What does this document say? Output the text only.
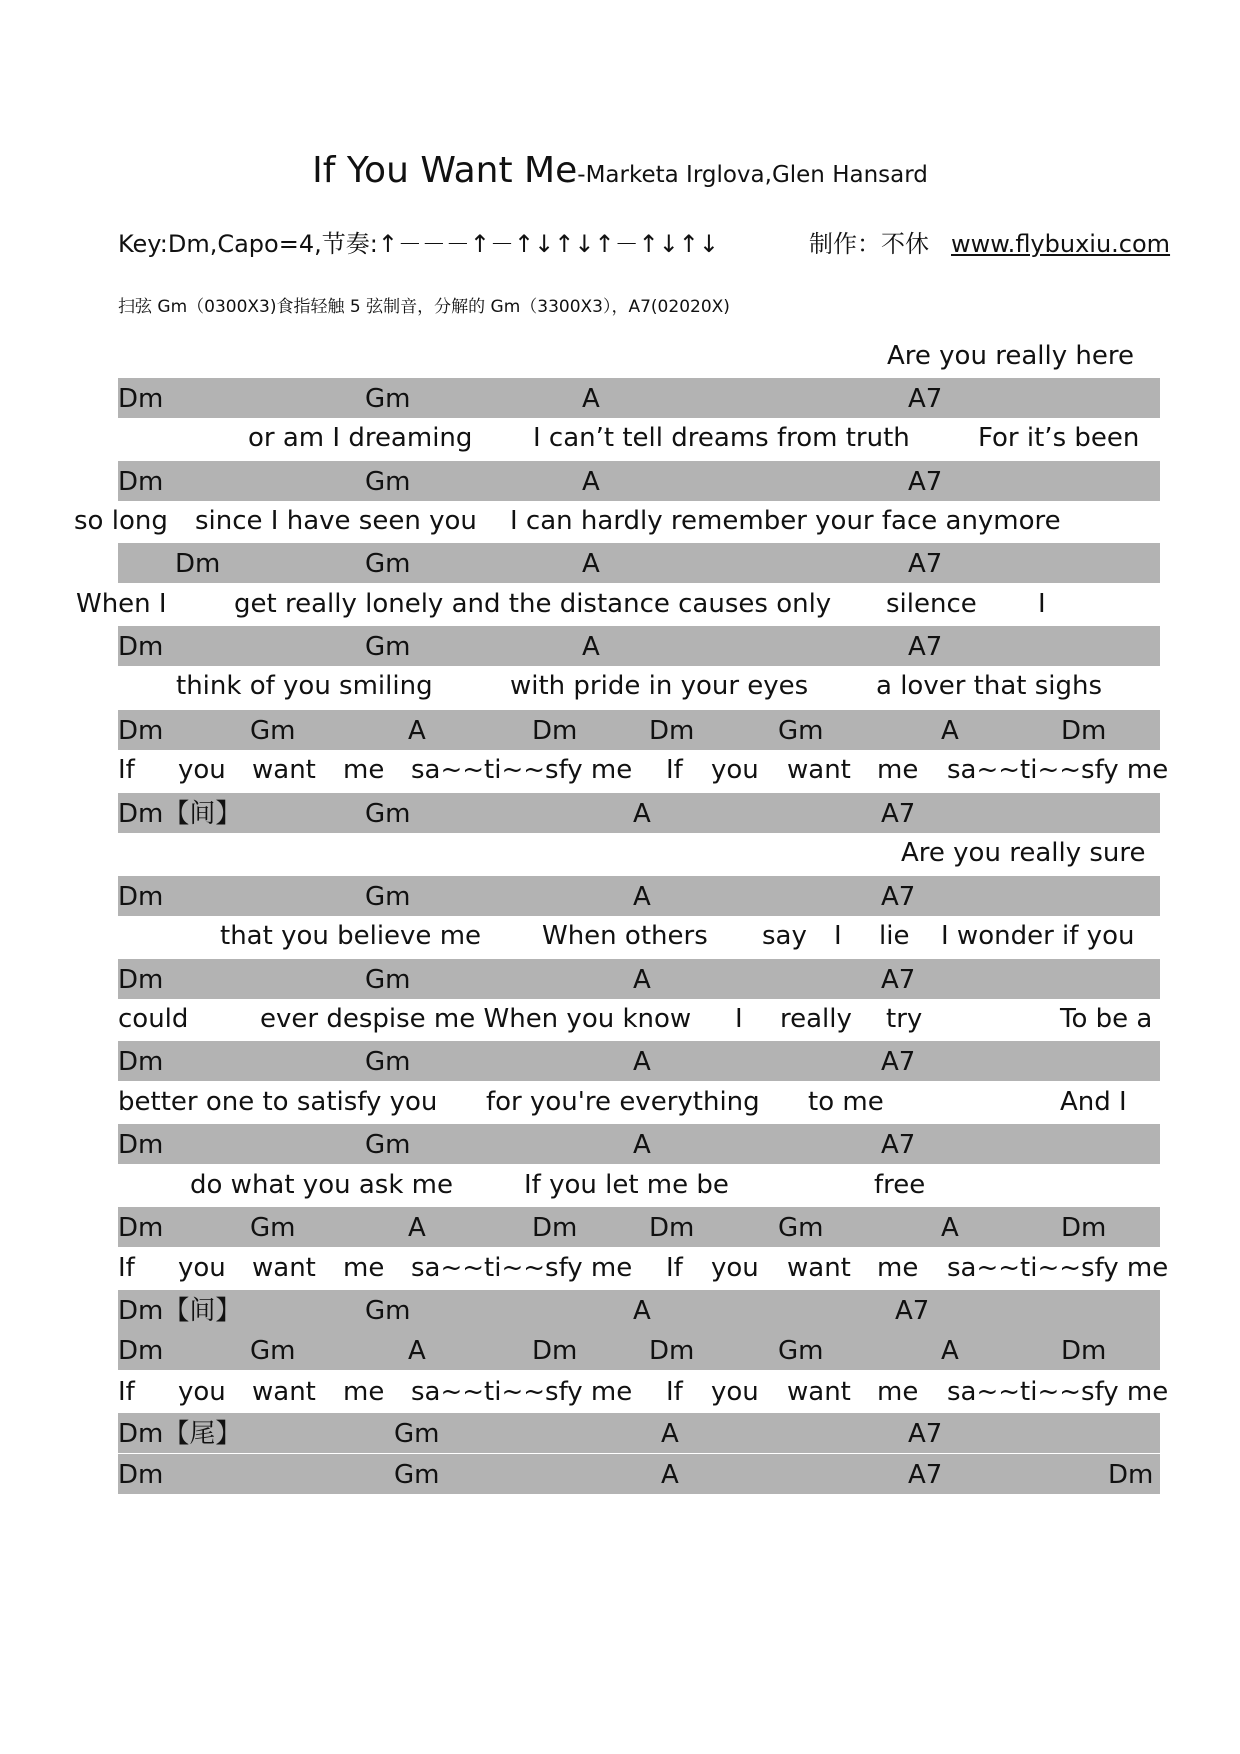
If You Want Me-Marketa Irglova,Glen Hansard
Key:Dm,Capo=4,节奏:↑－－－↑－↑↓↑↓↑－↑↓↑↓	制作：不休 www.flybuxiu.com
扫弦 Gm（0300X3)食指轻触 5 弦制音，分解的 Gm（3300X3），A7(02020X)
Dm	Gm	A	A7
Dm	Gm	A	A7
Dm	Gm	A	A7
Dm	Gm	A	A7
Dm	Gm	A	Dm	Dm	Gm	A	Dm
Dm【间】	Gm	A	A7
Dm	Gm	A	A7
Dm	Gm	A	A7
Dm	Gm	A	A7
Dm	Gm	A	A7
Dm	Gm	A	Dm	Dm	Gm	A	Dm
Dm【间】	Gm	A	A7
Dm	Gm	A	Dm	Dm	Gm	A	Dm
Dm【尾】	Gm	A	A7
Dm	Gm	A	A7	Dm
Are you really here
or am I dreaming I can’t tell dreams from truth	For it’s been
so long since I have seen you I can hardly remember your face anymore
When I	get really lonely and the distance causes only silence I
think of you smiling	with pride in your eyes	a lover that sighs
If you want me sa~~ti~~sfy me If you want me sa~~ti~~sfy me
Are you really sure
that you believe me When others say I lie I wonder if you
could	ever despise me When you know I really try	To be a
better one to satisfy you for you're everything to me	And I
do what you ask me	If you let me be	free
If you want me sa~~ti~~sfy me If you want me sa~~ti~~sfy me
If you want me sa~~ti~~sfy me If you want me sa~~ti~~sfy me
